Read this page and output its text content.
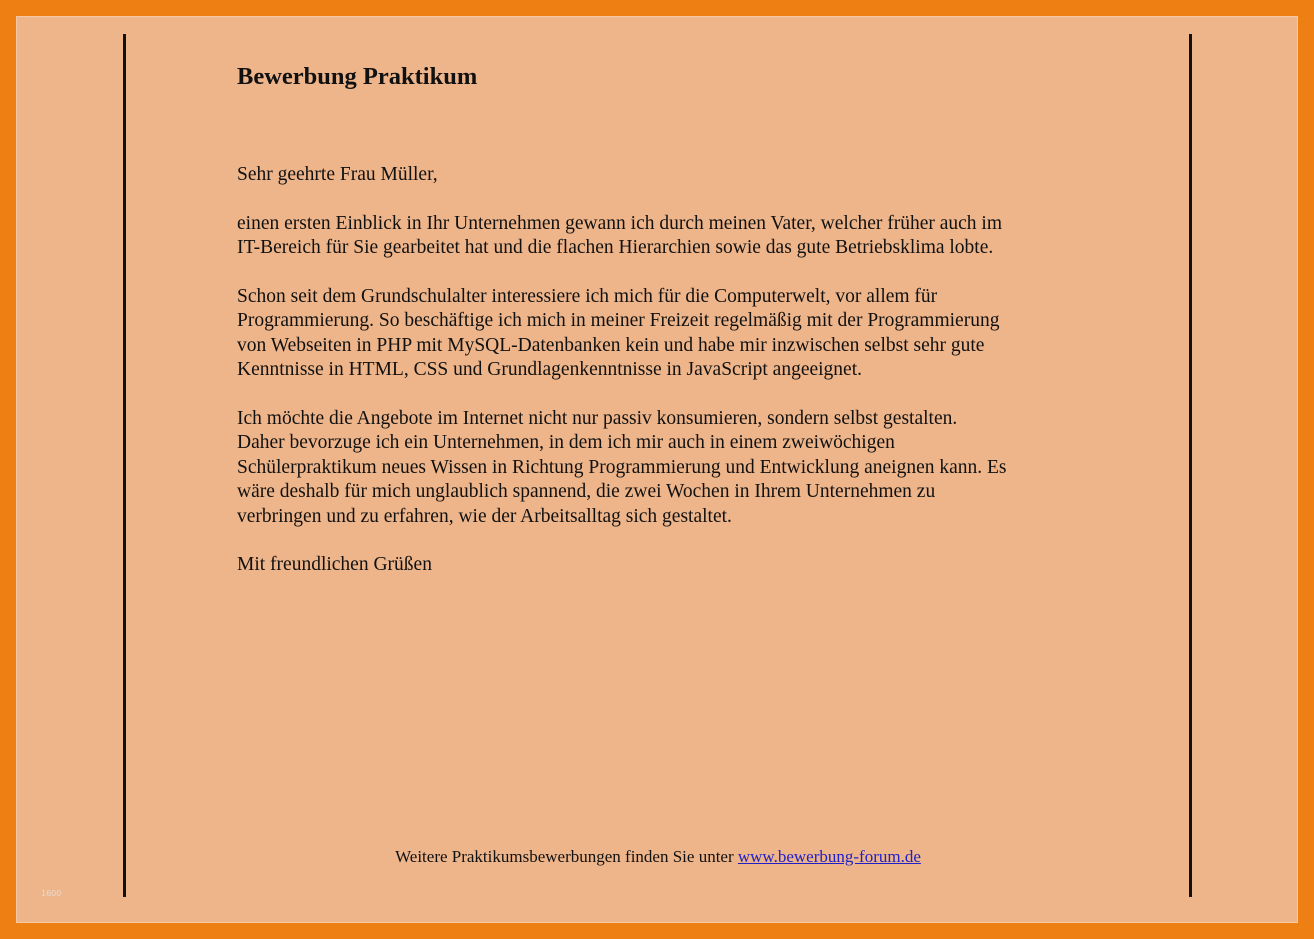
Bewerbung Praktikum

Sehr geehrte Frau Müller,

einen ersten Einblick in Ihr Unternehmen gewann ich durch meinen Vater, welcher früher auch im
IT-Bereich für Sie gearbeitet hat und die flachen Hierarchien sowie das gute Betriebsklima lobte.

Schon seit dem Grundschulalter interessiere ich mich für die Computerwelt, vor allem für
Programmierung. So beschäftige ich mich in meiner Freizeit regelmäßig mit der Programmierung
von Webseiten in PHP mit MySQL-Datenbanken kein und habe mir inzwischen selbst sehr gute
Kenntnisse in HTML, CSS und Grundlagenkenntnisse in JavaScript angeeignet.

Ich möchte die Angebote im Internet nicht nur passiv konsumieren, sondern selbst gestalten.
Daher bevorzuge ich ein Unternehmen, in dem ich mir auch in einem zweiwöchigen
Schülerpraktikum neues Wissen in Richtung Programmierung und Entwicklung aneignen kann. Es
wäre deshalb für mich unglaublich spannend, die zwei Wochen in Ihrem Unternehmen zu
verbringen und zu erfahren, wie der Arbeitsalltag sich gestaltet.

Mit freundlichen Grüßen

Weitere Praktikumsbewerbungen finden Sie unter www.bewerbung-forum.de
1600
